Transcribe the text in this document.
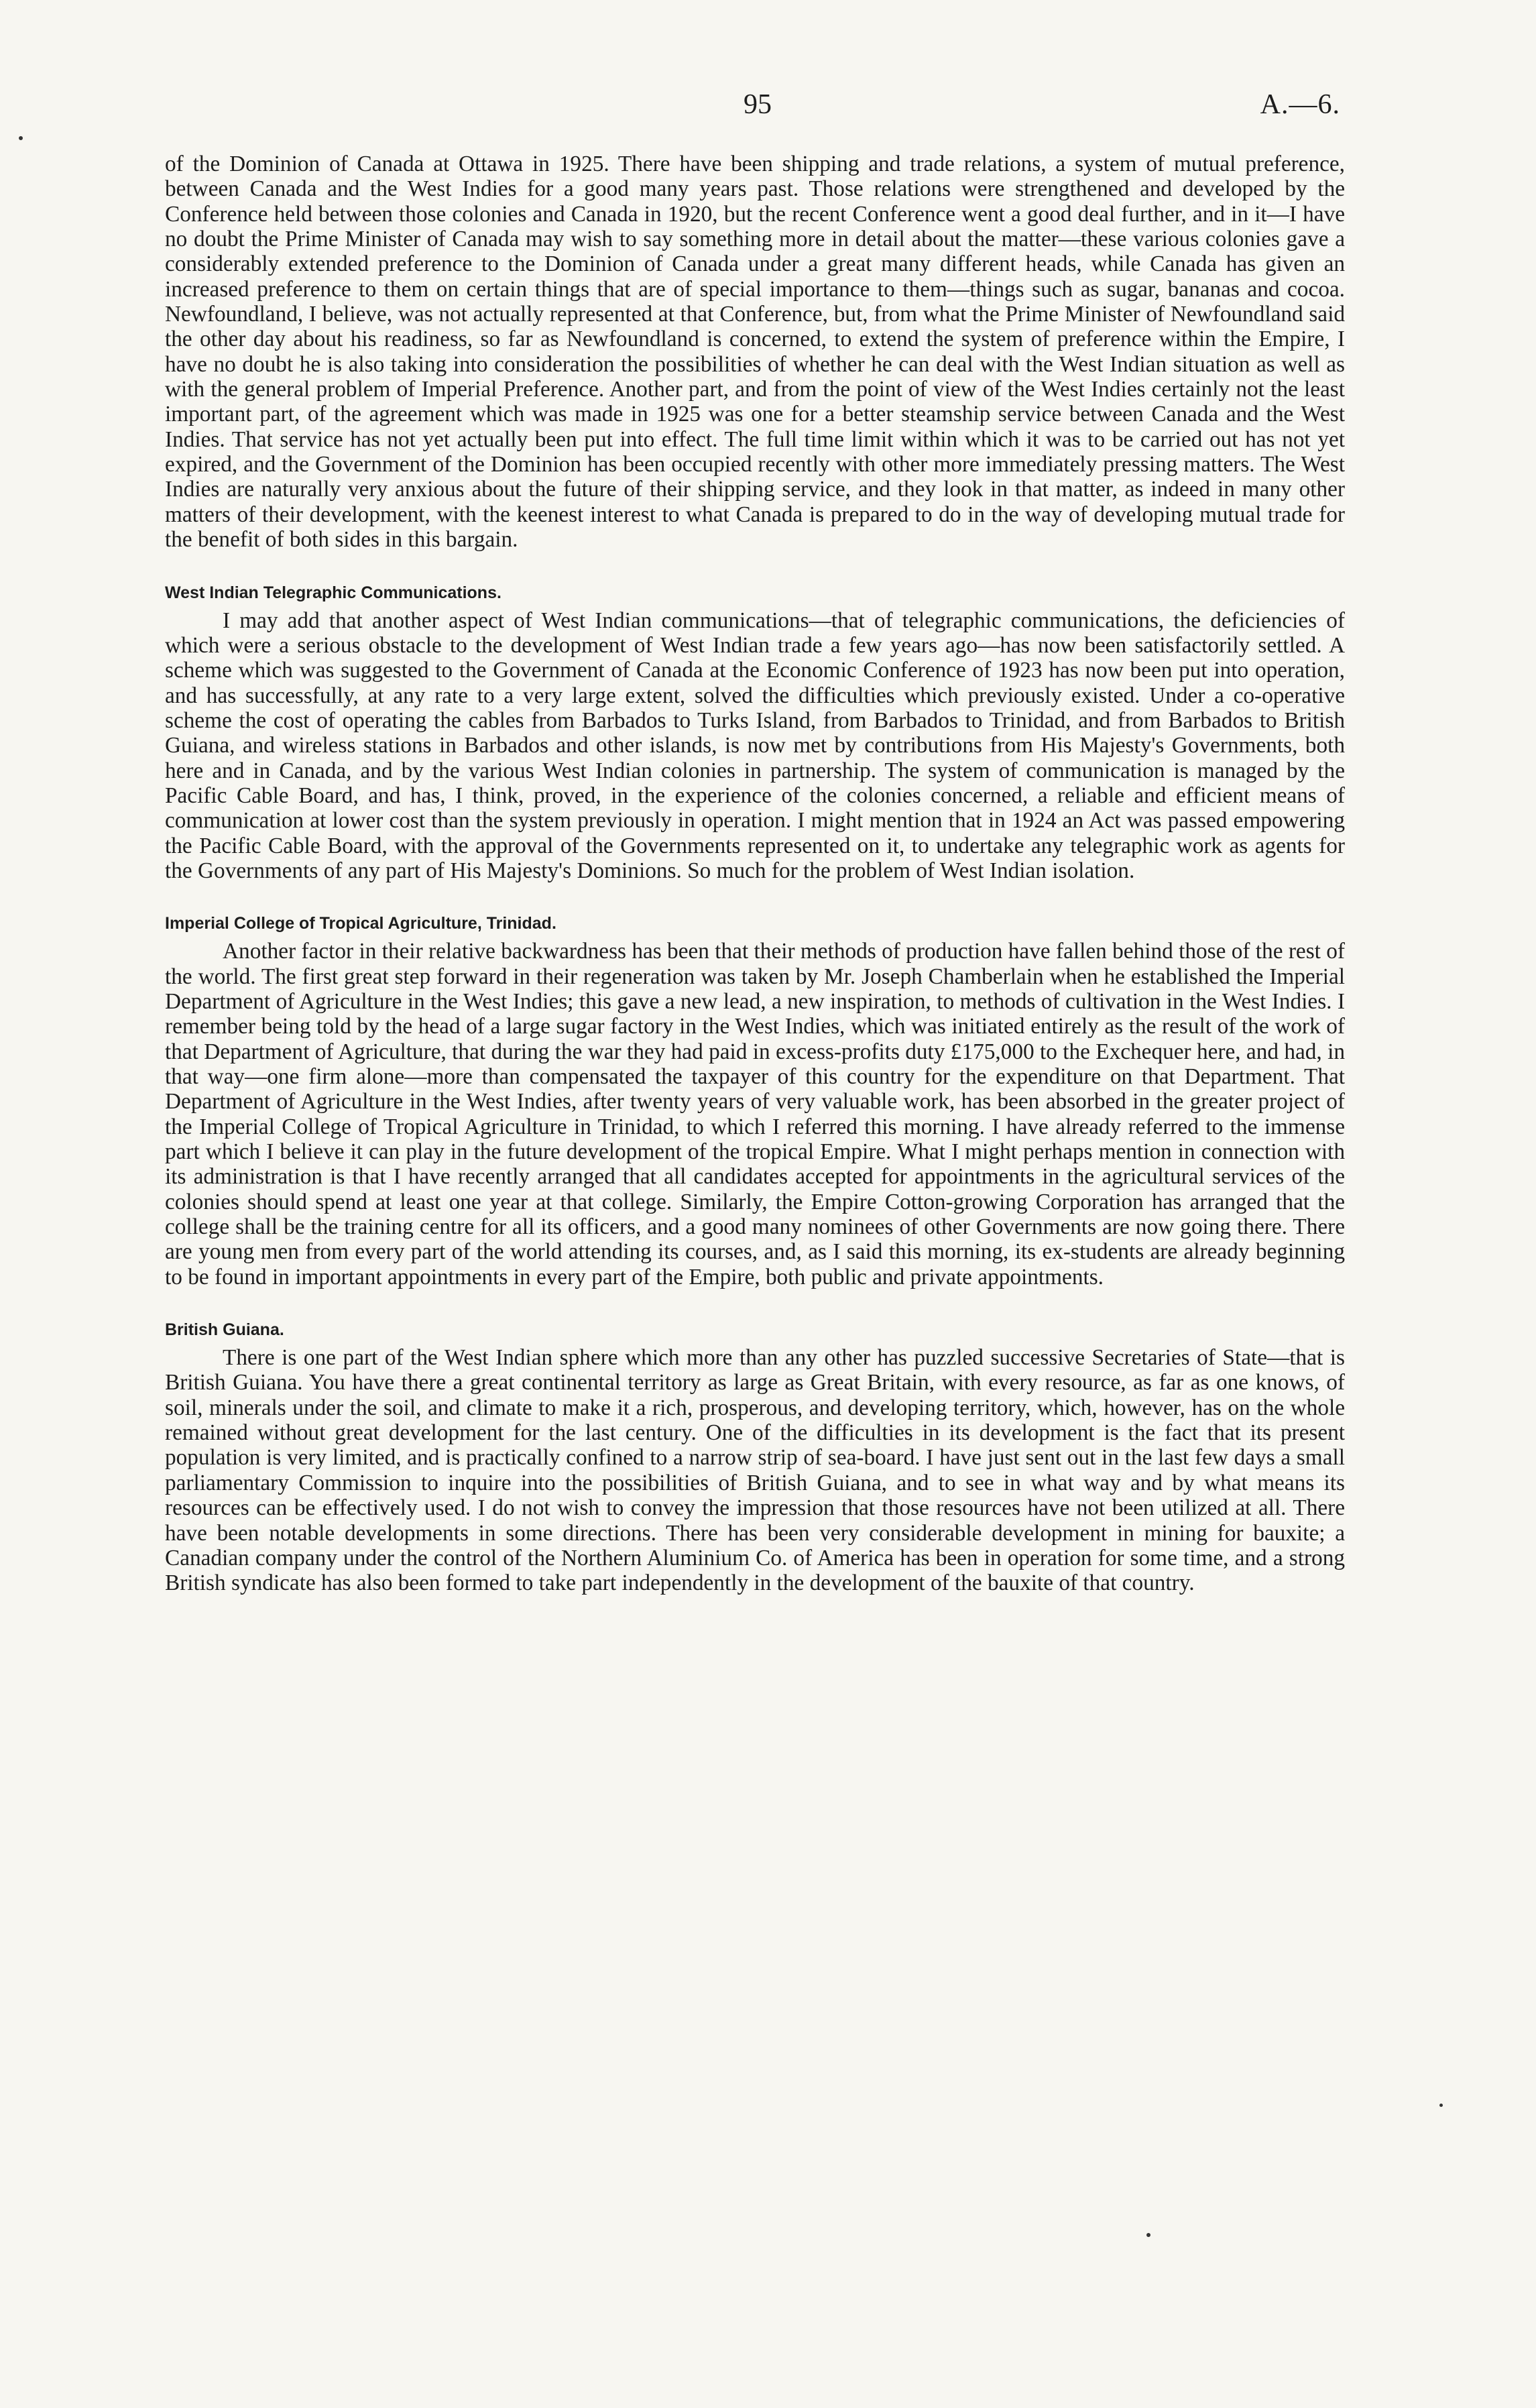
95	A.—6.

of the Dominion of Canada at Ottawa in 1925. There have been shipping and trade relations, a system of mutual preference, between Canada and the West Indies for a good many years past. Those relations were strengthened and developed by the Conference held between those colonies and Canada in 1920, but the recent Conference went a good deal further, and in it—I have no doubt the Prime Minister of Canada may wish to say something more in detail about the matter—these various colonies gave a considerably extended preference to the Dominion of Canada under a great many different heads, while Canada has given an increased preference to them on certain things that are of special importance to them—things such as sugar, bananas and cocoa. Newfoundland, I believe, was not actually represented at that Conference, but, from what the Prime Minister of Newfoundland said the other day about his readiness, so far as Newfoundland is concerned, to extend the system of preference within the Empire, I have no doubt he is also taking into consideration the possibilities of whether he can deal with the West Indian situation as well as with the general problem of Imperial Preference. Another part, and from the point of view of the West Indies certainly not the least important part, of the agreement which was made in 1925 was one for a better steamship service between Canada and the West Indies. That service has not yet actually been put into effect. The full time limit within which it was to be carried out has not yet expired, and the Government of the Dominion has been occupied recently with other more immediately pressing matters. The West Indies are naturally very anxious about the future of their shipping service, and they look in that matter, as indeed in many other matters of their development, with the keenest interest to what Canada is prepared to do in the way of developing mutual trade for the benefit of both sides in this bargain.

West Indian Telegraphic Communications.

I may add that another aspect of West Indian communications—that of telegraphic communications, the deficiencies of which were a serious obstacle to the development of West Indian trade a few years ago—has now been satisfactorily settled. A scheme which was suggested to the Government of Canada at the Economic Conference of 1923 has now been put into operation, and has successfully, at any rate to a very large extent, solved the difficulties which previously existed. Under a co-operative scheme the cost of operating the cables from Barbados to Turks Island, from Barbados to Trinidad, and from Barbados to British Guiana, and wireless stations in Barbados and other islands, is now met by contributions from His Majesty's Governments, both here and in Canada, and by the various West Indian colonies in partnership. The system of communication is managed by the Pacific Cable Board, and has, I think, proved, in the experience of the colonies concerned, a reliable and efficient means of communication at lower cost than the system previously in operation. I might mention that in 1924 an Act was passed empowering the Pacific Cable Board, with the approval of the Governments represented on it, to undertake any telegraphic work as agents for the Governments of any part of His Majesty's Dominions. So much for the problem of West Indian isolation.

Imperial College of Tropical Agriculture, Trinidad.

Another factor in their relative backwardness has been that their methods of production have fallen behind those of the rest of the world. The first great step forward in their regeneration was taken by Mr. Joseph Chamberlain when he established the Imperial Department of Agriculture in the West Indies; this gave a new lead, a new inspiration, to methods of cultivation in the West Indies. I remember being told by the head of a large sugar factory in the West Indies, which was initiated entirely as the result of the work of that Department of Agriculture, that during the war they had paid in excess-profits duty £175,000 to the Exchequer here, and had, in that way—one firm alone—more than compensated the taxpayer of this country for the expenditure on that Department. That Department of Agriculture in the West Indies, after twenty years of very valuable work, has been absorbed in the greater project of the Imperial College of Tropical Agriculture in Trinidad, to which I referred this morning. I have already referred to the immense part which I believe it can play in the future development of the tropical Empire. What I might perhaps mention in connection with its administration is that I have recently arranged that all candidates accepted for appointments in the agricultural services of the colonies should spend at least one year at that college. Similarly, the Empire Cotton-growing Corporation has arranged that the college shall be the training centre for all its officers, and a good many nominees of other Governments are now going there. There are young men from every part of the world attending its courses, and, as I said this morning, its ex-students are already beginning to be found in important appointments in every part of the Empire, both public and private appointments.

British Guiana.

There is one part of the West Indian sphere which more than any other has puzzled successive Secretaries of State—that is British Guiana. You have there a great continental territory as large as Great Britain, with every resource, as far as one knows, of soil, minerals under the soil, and climate to make it a rich, prosperous, and developing territory, which, however, has on the whole remained without great development for the last century. One of the difficulties in its development is the fact that its present population is very limited, and is practically confined to a narrow strip of sea-board. I have just sent out in the last few days a small parliamentary Commission to inquire into the possibilities of British Guiana, and to see in what way and by what means its resources can be effectively used. I do not wish to convey the impression that those resources have not been utilized at all. There have been notable developments in some directions. There has been very considerable development in mining for bauxite; a Canadian company under the control of the Northern Aluminium Co. of America has been in operation for some time, and a strong British syndicate has also been formed to take part independently in the development of the bauxite of that country.
